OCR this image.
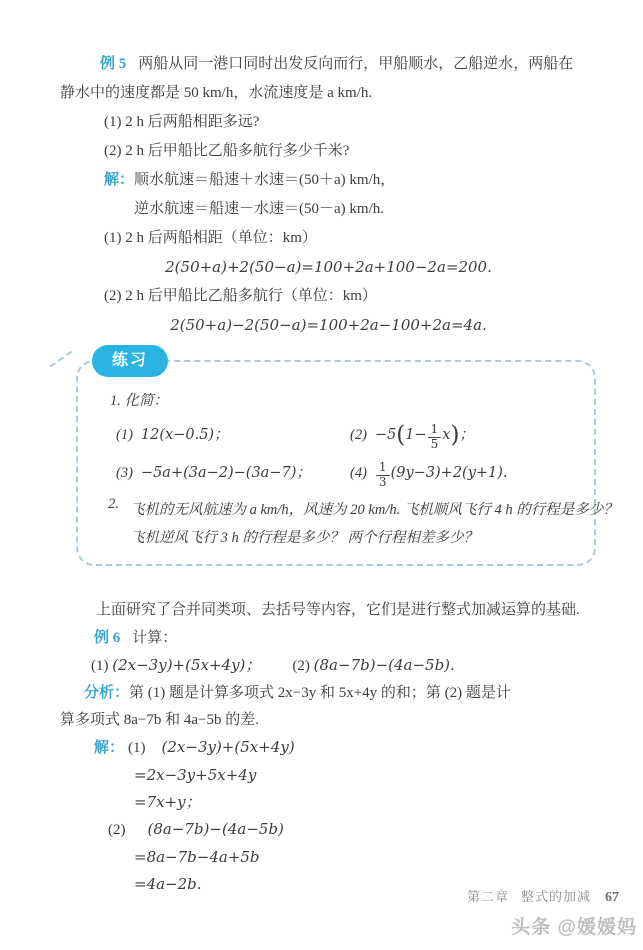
例 5 两船从同一港口同时出发反向而行，甲船顺水，乙船逆水，两船在

静水中的速度都是 50 km/h，水流速度是 a km/h.

(1) 2 h 后两船相距多远?

(2) 2 h 后甲船比乙船多航行多少千米?

解：顺水航速＝船速＋水速＝(50＋a) km/h，

逆水航速＝船速－水速＝(50－a) km/h.

(1) 2 h 后两船相距（单位：km）

2(50+a)+2(50−a)=100+2a+100−2a=200.

(2) 2 h 后甲船比乙船多航行（单位：km）

2(50+a)−2(50−a)=100+2a−100+2a=4a.

练习

1. 化简：

(1) 12(x−0.5)；	$(2) -5(1- \frac{1}{5} x)$；
(3) −5a+(3a−2)−(3a−7)；	$(4) \frac{1}{3} (9y-3)+2(y+1)$.
2. 飞机的无风航速为 a km/h，风速为 20 km/h. 飞机顺风飞行 4 h 的行程是多少？

飞机逆风飞行 3 h 的行程是多少？ 两个行程相差多少？

上面研究了合并同类项、去括号等内容，它们是进行整式加减运算的基础.

例 6 计算：

(1) (2x−3y)+(5x+4y)； (2) (8a−7b)−(4a−5b).

分析：第 (1) 题是计算多项式 2x−3y 和 5x+4y 的和；第 (2) 题是计

算多项式 8a−7b 和 4a−5b 的差.

解： (1) (2x−3y)+(5x+4y)

=2x−3y+5x+4y

=7x+y；

(2) (8a−7b)−(4a−5b)

=8a−7b−4a+5b

=4a−2b.

第二章 整式的加减 67
头条 @媛媛妈
